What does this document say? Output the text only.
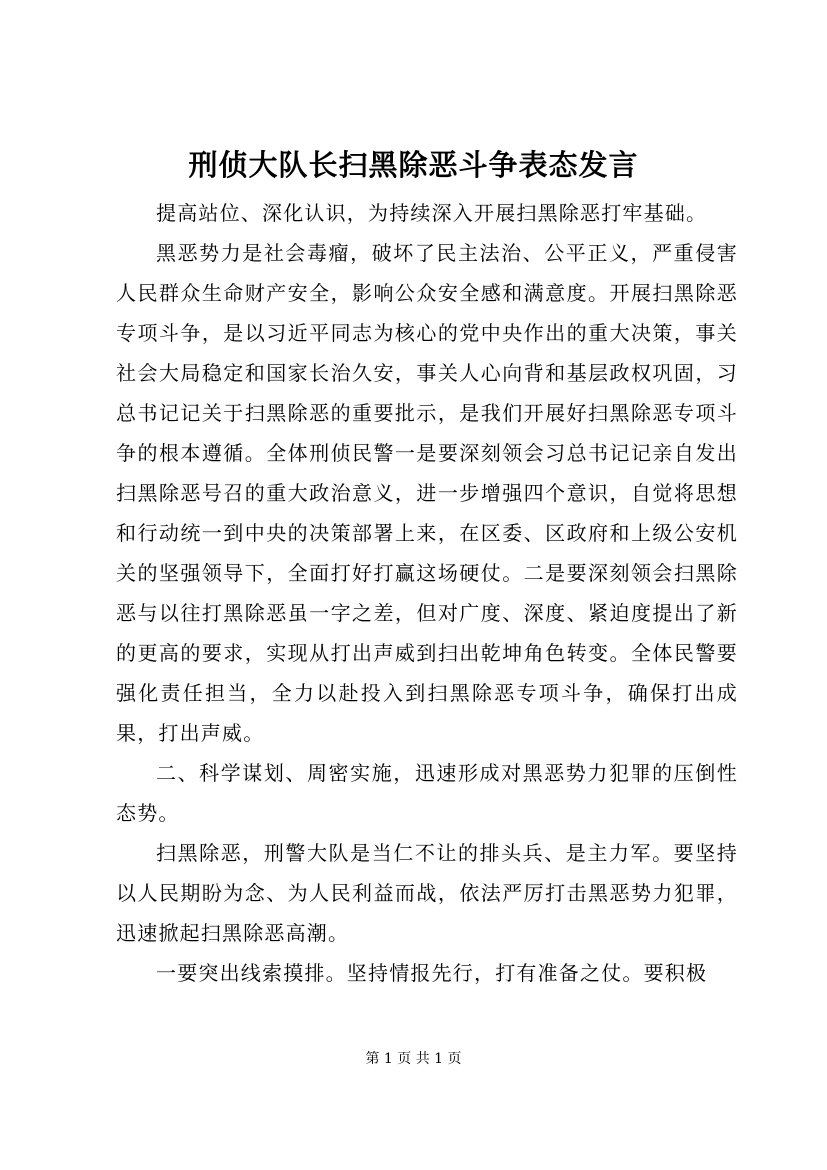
刑侦大队长扫黑除恶斗争表态发言

提高站位、深化认识，为持续深入开展扫黑除恶打牢基础。

黑恶势力是社会毒瘤，破坏了民主法治、公平正义，严重侵害人民群众生命财产安全，影响公众安全感和满意度。开展扫黑除恶专项斗争，是以习近平同志为核心的党中央作出的重大决策，事关社会大局稳定和国家长治久安，事关人心向背和基层政权巩固，习总书记记关于扫黑除恶的重要批示，是我们开展好扫黑除恶专项斗争的根本遵循。全体刑侦民警一是要深刻领会习总书记记亲自发出扫黑除恶号召的重大政治意义，进一步增强四个意识，自觉将思想和行动统一到中央的决策部署上来，在区委、区政府和上级公安机关的坚强领导下，全面打好打赢这场硬仗。二是要深刻领会扫黑除恶与以往打黑除恶虽一字之差，但对广度、深度、紧迫度提出了新的更高的要求，实现从打出声威到扫出乾坤角色转变。全体民警要强化责任担当，全力以赴投入到扫黑除恶专项斗争，确保打出成果，打出声威。

二、科学谋划、周密实施，迅速形成对黑恶势力犯罪的压倒性态势。

扫黑除恶，刑警大队是当仁不让的排头兵、是主力军。要坚持以人民期盼为念、为人民利益而战，依法严厉打击黑恶势力犯罪，迅速掀起扫黑除恶高潮。

一要突出线索摸排。坚持情报先行，打有准备之仗。要积极

第 1 页 共 1 页
